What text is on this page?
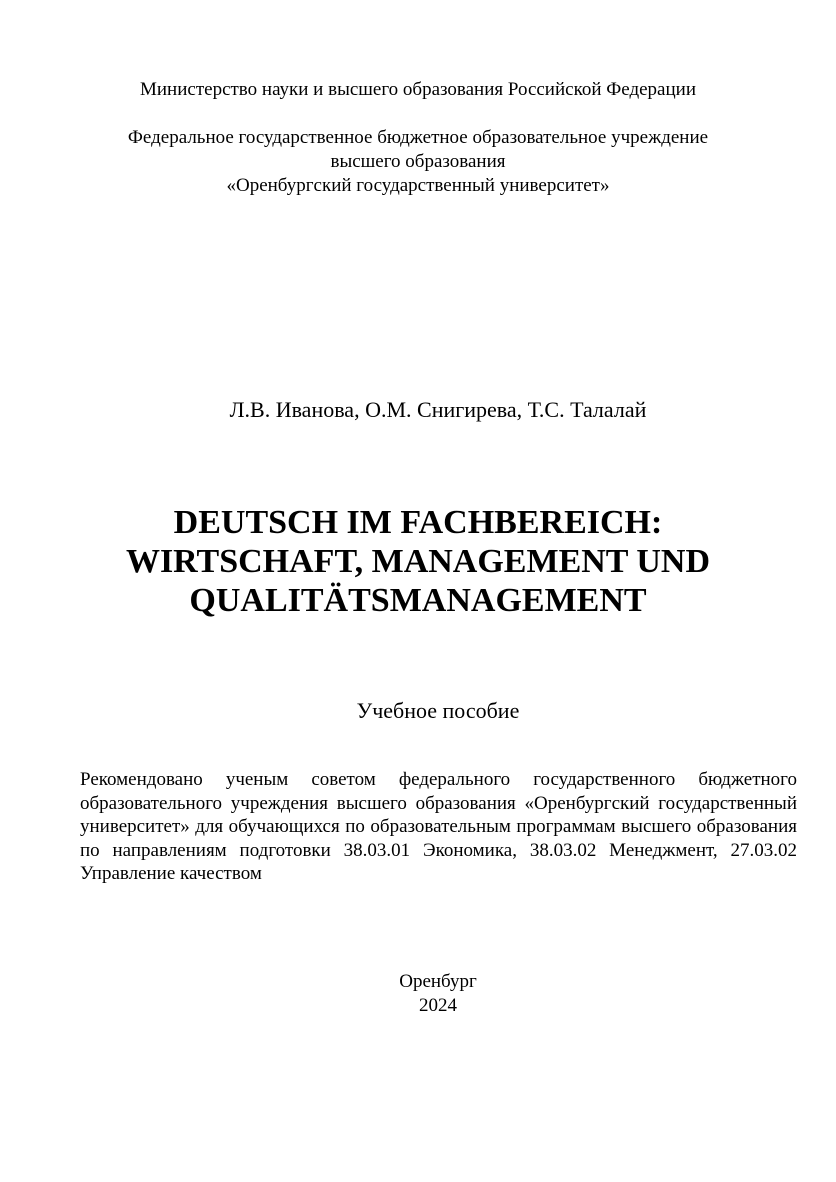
Министерство науки и высшего образования Российской Федерации
Федеральное государственное бюджетное образовательное учреждение
высшего образования
«Оренбургский государственный университет»
Л.В. Иванова, О.М. Снигирева, Т.С. Талалай
DEUTSCH IM FACHBEREICH:
WIRTSCHAFT, MANAGEMENT UND
QUALITÄTSMANAGEMENT
Учебное пособие
Рекомендовано ученым советом федерального государственного бюджетного образовательного учреждения высшего образования «Оренбургский государственный университет» для обучающихся по образовательным программам высшего образования по направлениям подготовки 38.03.01 Экономика, 38.03.02 Менеджмент, 27.03.02 Управление качеством
Оренбург
2024
